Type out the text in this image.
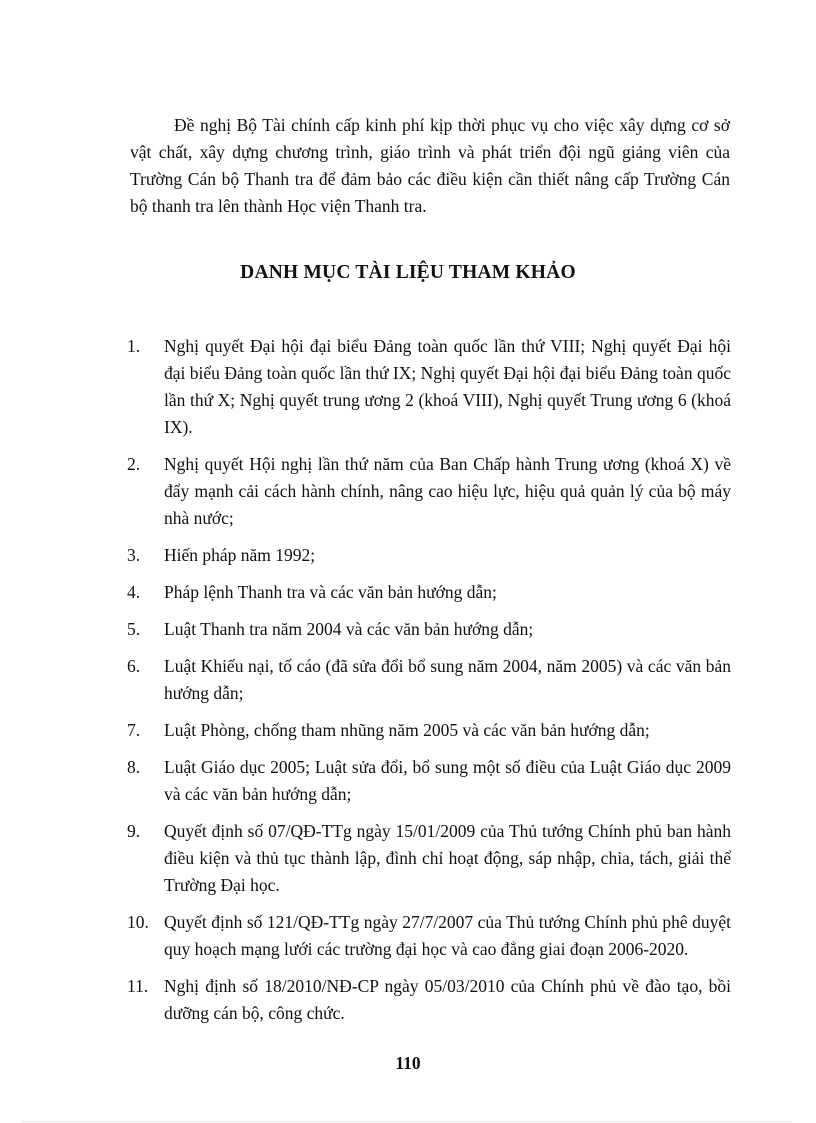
Đề nghị Bộ Tài chính cấp kinh phí kịp thời phục vụ cho việc xây dựng cơ sở vật chất, xây dựng chương trình, giáo trình và phát triển đội ngũ giảng viên của Trường Cán bộ Thanh tra để đảm bảo các điều kiện cần thiết nâng cấp Trường Cán bộ thanh tra lên thành Học viện Thanh tra.

DANH MỤC TÀI LIỆU THAM KHẢO
1.	Nghị quyết Đại hội đại biểu Đảng toàn quốc lần thứ VIII; Nghị quyết Đại hội đại biểu Đảng toàn quốc lần thứ IX; Nghị quyết Đại hội đại biểu Đảng toàn quốc lần thứ X; Nghị quyết trung ương 2 (khoá VIII), Nghị quyết Trung ương 6 (khoá IX).
2.	Nghị quyết Hội nghị lần thứ năm của Ban Chấp hành Trung ương (khoá X) về đẩy mạnh cải cách hành chính, nâng cao hiệu lực, hiệu quả quản lý của bộ máy nhà nước;
3.	Hiến pháp năm 1992;
4.	Pháp lệnh Thanh tra và các văn bản hướng dẫn;
5.	Luật Thanh tra năm 2004 và các văn bản hướng dẫn;
6.	Luật Khiếu nại, tố cáo (đã sửa đổi bổ sung năm 2004, năm 2005) và các văn bản hướng dẫn;
7.	Luật Phòng, chống tham nhũng năm 2005 và các văn bản hướng dẫn;
8.	Luật Giáo dục 2005; Luật sửa đổi, bổ sung một số điều của Luật Giáo dục 2009 và các văn bản hướng dẫn;
9.	Quyết định số 07/QĐ-TTg ngày 15/01/2009 của Thủ tướng Chính phủ ban hành điều kiện và thủ tục thành lập, đình chỉ hoạt động, sáp nhập, chia, tách, giải thể Trường Đại học.
10. Quyết định số 121/QĐ-TTg ngày 27/7/2007 của Thủ tướng Chính phủ phê duyệt quy hoạch mạng lưới các trường đại học và cao đẳng giai đoạn 2006-2020.
11. Nghị định số 18/2010/NĐ-CP ngày 05/03/2010 của Chính phủ về đào tạo, bồi dưỡng cán bộ, công chức.

110
